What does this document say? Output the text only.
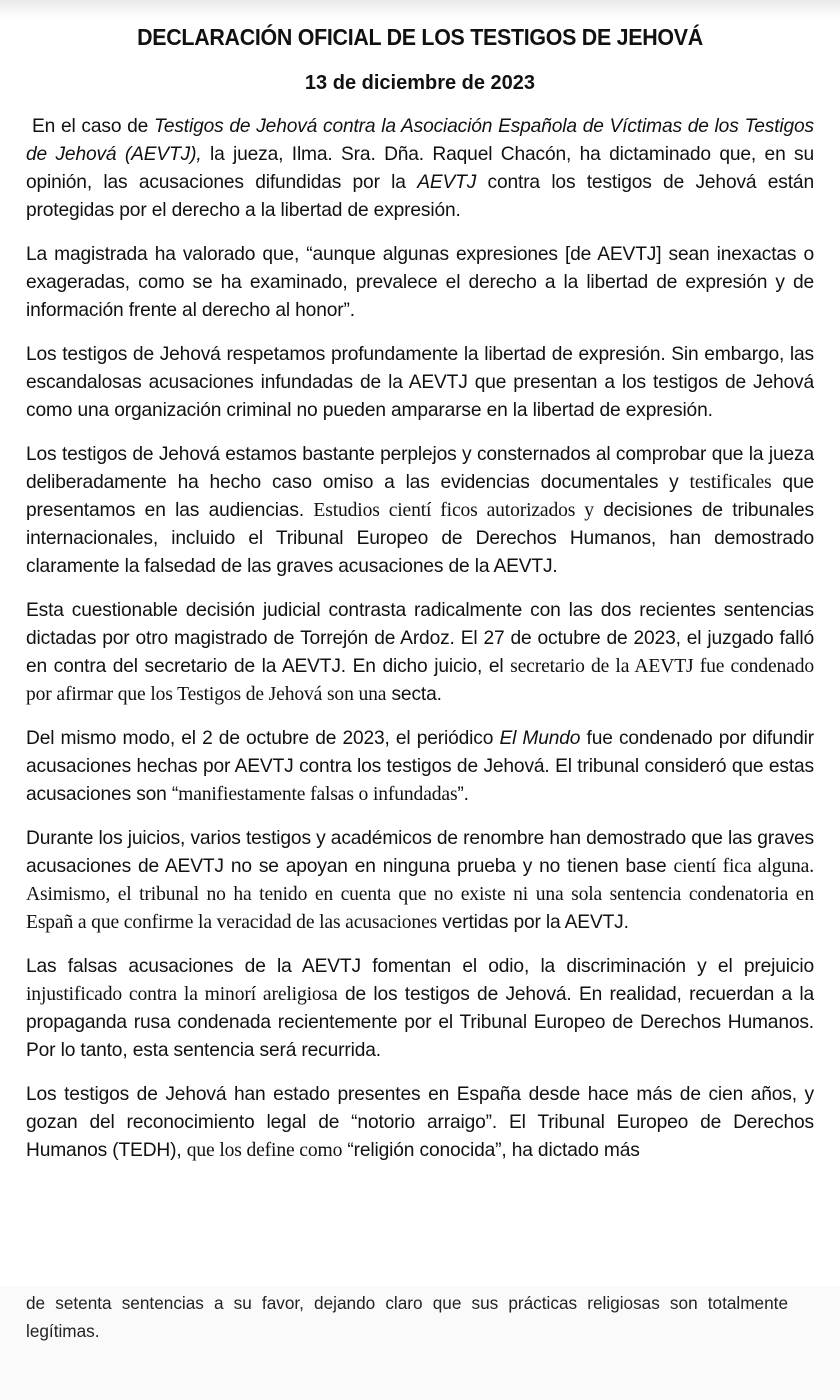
DECLARACIÓN OFICIAL DE LOS TESTIGOS DE JEHOVÁ
13 de diciembre de 2023

En el caso de Testigos de Jehová contra la Asociación Española de Víctimas de los Testigos de Jehová (AEVTJ), la jueza, Ilma. Sra. Dña. Raquel Chacón, ha dictaminado que, en su opinión, las acusaciones difundidas por la AEVTJ contra los testigos de Jehová están protegidas por el derecho a la libertad de expresión.

La magistrada ha valorado que, “aunque algunas expresiones [de AEVTJ] sean inexactas o exageradas, como se ha examinado, prevalece el derecho a la libertad de expresión y de información frente al derecho al honor”.

Los testigos de Jehová respetamos profundamente la libertad de expresión. Sin embargo, las escandalosas acusaciones infundadas de la AEVTJ que presentan a los testigos de Jehová como una organización criminal no pueden ampararse en la libertad de expresión.

Los testigos de Jehová estamos bastante perplejos y consternados al comprobar que la jueza deliberadamente ha hecho caso omiso a las evidencias documentales y testificales que presentamos en las audiencias. Estudios cientí ficos autorizados y decisiones de tribunales internacionales, incluido el Tribunal Europeo de Derechos Humanos, han demostrado claramente la falsedad de las graves acusaciones de la AEVTJ.

Esta cuestionable decisión judicial contrasta radicalmente con las dos recientes sentencias dictadas por otro magistrado de Torrejón de Ardoz. El 27 de octubre de 2023, el juzgado falló en contra del secretario de la AEVTJ. En dicho juicio, el secretario de la AEVTJ fue condenado por afirmar que los Testigos de Jehová son una secta.

Del mismo modo, el 2 de octubre de 2023, el periódico El Mundo fue condenado por difundir acusaciones hechas por AEVTJ contra los testigos de Jehová. El tribunal consideró que estas acusaciones son “manifiestamente falsas o infundadas”.

Durante los juicios, varios testigos y académicos de renombre han demostrado que las graves acusaciones de AEVTJ no se apoyan en ninguna prueba y no tienen base cientí fica alguna. Asimismo, el tribunal no ha tenido en cuenta que no existe ni una sola sentencia condenatoria en Españ a que confirme la veracidad de las acusaciones vertidas por la AEVTJ.

Las falsas acusaciones de la AEVTJ fomentan el odio, la discriminación y el prejuicio injustificado contra la minorí areligiosa de los testigos de Jehová. En realidad, recuerdan a la propaganda rusa condenada recientemente por el Tribunal Europeo de Derechos Humanos. Por lo tanto, esta sentencia será recurrida.

Los testigos de Jehová han estado presentes en España desde hace más de cien años, y gozan del reconocimiento legal de “notorio arraigo”. El Tribunal Europeo de Derechos Humanos (TEDH), que los define como “religión conocida”, ha dictado más

de setenta sentencias a su favor, dejando claro que sus prácticas religiosas son totalmente legítimas.
